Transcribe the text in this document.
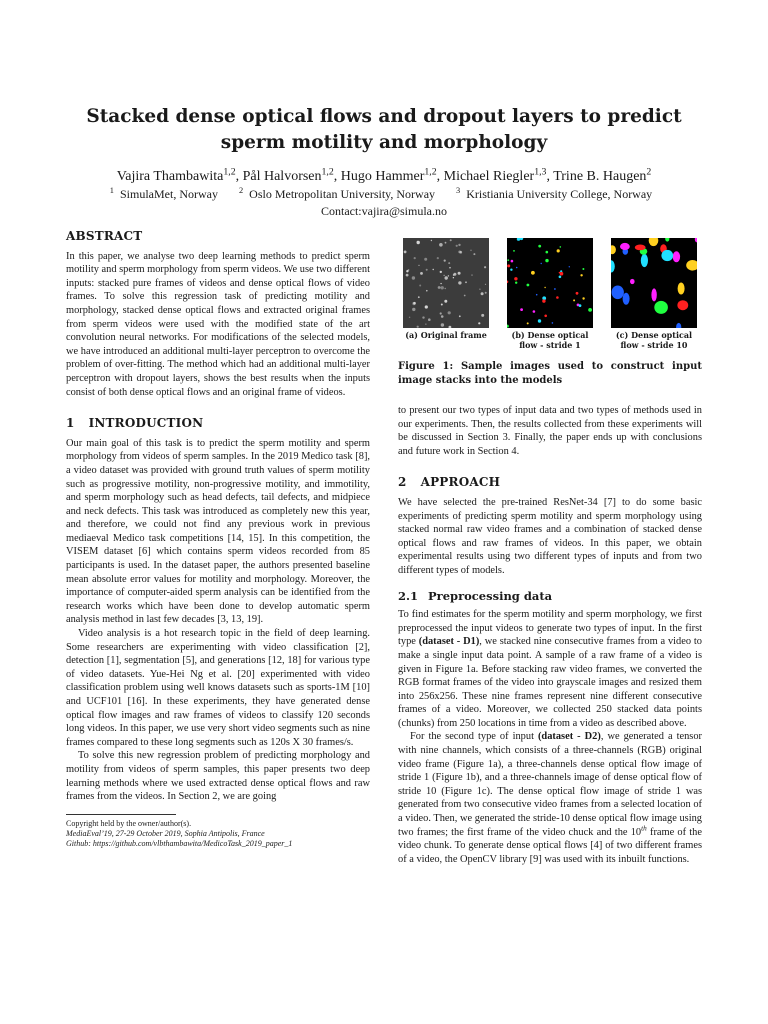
Stacked dense optical flows and dropout layers to predict sperm motility and morphology
Vajira Thambawita$^{1,2}$, Pål Halvorsen$^{1,2}$, Hugo Hammer$^{1,2}$, Michael Riegler$^{1,3}$, Trine B. Haugen$^2$
$^1$ SimulaMet, Norway	$^2$ Oslo Metropolitan University, Norway	$^3$ Kristiania University College, Norway
Contact:vajira@simula.no
ABSTRACT

In this paper, we analyse two deep learning methods to predict sperm motility and sperm morphology from sperm videos. We use two different inputs: stacked pure frames of videos and dense optical flows of video frames. To solve this regression task of predicting motility and morphology, stacked dense optical flows and extracted original frames from sperm videos were used with the modified state of the art convolution neural networks. For modifications of the selected models, we have introduced an additional multi-layer perceptron to overcome the problem of over-fitting. The method which had an additional multi-layer perceptron with dropout layers, shows the best results when the inputs consist of both dense optical flows and an original frame of videos.

1 INTRODUCTION

Our main goal of this task is to predict the sperm motility and sperm morphology from videos of sperm samples. In the 2019 Medico task [8], a video dataset was provided with ground truth values of sperm motility such as progressive motility, non-progressive motility, and immotility, and sperm morphology such as head defects, tail defects, and midpiece and neck defects. This task was introduced as completely new this year, and therefore, we could not find any previous work in previous mediaeval Medico task competitions [14, 15]. In this competition, the VISEM dataset [6] which contains sperm videos recorded from 85 participants is used. In the dataset paper, the authors presented baseline mean absolute error values for motility and morphology. Moreover, the importance of computer-aided sperm analysis can be identified from the research works which have been done to develop automatic sperm analysis method in last few decades [3, 13, 19].

Video analysis is a hot research topic in the field of deep learning. Some researchers are experimenting with video classification [2], detection [1], segmentation [5], and generations [12, 18] for various type of video datasets. Yue-Hei Ng et al. [20] experimented with video classification problem using well knows datasets such as sports-1M [10] and UCF101 [16]. In these experiments, they have generated dense optical flow images and raw frames of videos to classify 120 seconds long videos. In this paper, we use very short video segments such as nine frames compared to these long segments such as 120s X 30 frames/s.

To solve this new regression problem of predicting morphology and motility from videos of sperm samples, this paper presents two deep learning methods where we used extracted dense optical flows and raw frames from the videos. In Section 2, we are going

Copyright held by the owner/author(s).
MediaEval’19, 27-29 October 2019, Sophia Antipolis, France
Github: https://github.com/vlbthambawita/MedicoTask_2019_paper_1
(a) Original frame	(b) Dense optical flow - stride 1
(c) Dense optical flow - stride 10
Figure 1: Sample images used to construct input image stacks into the models

to present our two types of input data and two types of methods used in our experiments. Then, the results collected from these experiments will be discussed in Section 3. Finally, the paper ends up with conclusions and future work in Section 4.

2 APPROACH

We have selected the pre-trained ResNet-34 [7] to do some basic experiments of predicting sperm motility and sperm morphology using stacked normal raw video frames and a combination of stacked dense optical flows and raw frames of videos. In this paper, we obtain experimental results using two different types of inputs and from two different types of models.

2.1 Preprocessing data

To find estimates for the sperm motility and sperm morphology, we first preprocessed the input videos to generate two types of input. In the first type (dataset - D1), we stacked nine consecutive frames from a video to make a single input data point. A sample of a raw frame of a video is given in Figure 1a. Before stacking raw video frames, we converted the RGB format frames of the video into grayscale images and resized them into 256x256. These nine frames represent nine different consecutive frames of a video. Moreover, we collected 250 stacked data points (chunks) from 250 locations in time from a video as described above.

For the second type of input (dataset - D2), we generated a tensor with nine channels, which consists of a three-channels (RGB) original video frame (Figure 1a), a three-channels dense optical flow image of stride 1 (Figure 1b), and a three-channels image of dense optical flow of stride 10 (Figure 1c). The dense optical flow image of stride 1 was generated from two consecutive video frames from a selected location of a video. Then, we generated the stride-10 dense optical flow image using two frames; the first frame of the video chuck and the 10th frame of the video chunk. To generate dense optical flows [4] of two different frames of a video, the OpenCV library [9] was used with its inbuilt functions.
